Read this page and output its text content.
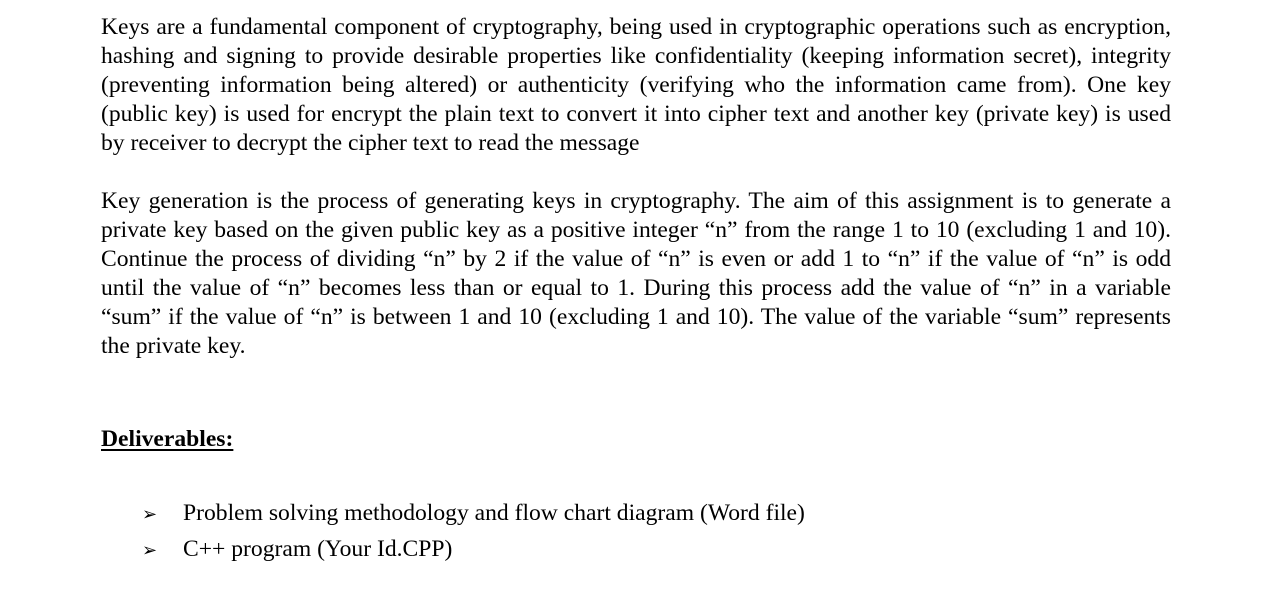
Keys are a fundamental component of cryptography, being used in cryptographic operations such as encryption, hashing and signing to provide desirable properties like confidentiality (keeping information secret), integrity (preventing information being altered) or authenticity (verifying who the information came from). One key (public key) is used for encrypt the plain text to convert it into cipher text and another key (private key) is used by receiver to decrypt the cipher text to read the message

Key generation is the process of generating keys in cryptography. The aim of this assignment is to generate a private key based on the given public key as a positive integer “n” from the range 1 to 10 (excluding 1 and 10). Continue the process of dividing “n” by 2 if the value of “n” is even or add 1 to “n” if the value of “n” is odd until the value of “n” becomes less than or equal to 1. During this process add the value of “n” in a variable “sum” if the value of “n” is between 1 and 10 (excluding 1 and 10). The value of the variable “sum” represents the private key.

Deliverables:
➢	Problem solving methodology and flow chart diagram (Word file)
➢	C++ program (Your Id.CPP)
